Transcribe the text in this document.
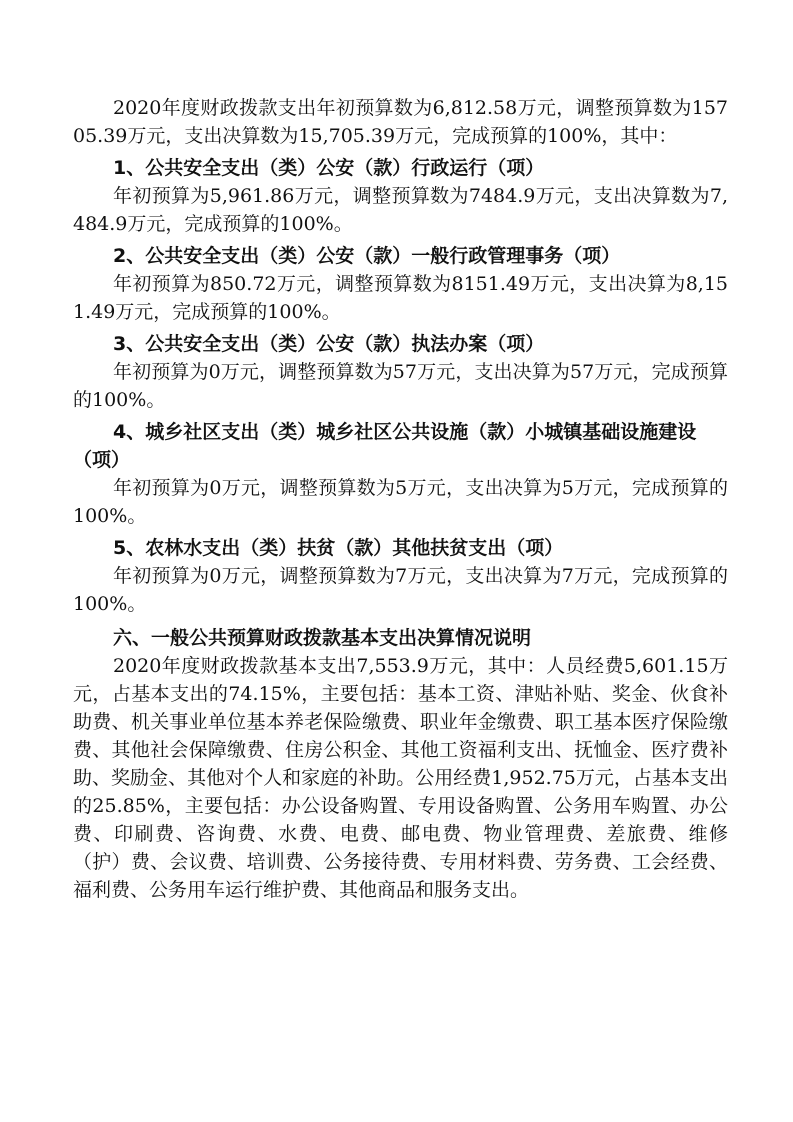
2020年度财政拨款支出年初预算数为6,812.58万元，调整预算数为15705.39万元，支出决算数为15,705.39万元，完成预算的100%，其中：

1、公共安全支出（类）公安（款）行政运行（项）

年初预算为5,961.86万元，调整预算数为7484.9万元，支出决算数为7,484.9万元，完成预算的100%。

2、公共安全支出（类）公安（款）一般行政管理事务（项）

年初预算为850.72万元，调整预算数为8151.49万元，支出决算为8,151.49万元，完成预算的100%。

3、公共安全支出（类）公安（款）执法办案（项）

年初预算为0万元，调整预算数为57万元，支出决算为57万元，完成预算的100%。

4、城乡社区支出（类）城乡社区公共设施（款）小城镇基础设施建设（项）

年初预算为0万元，调整预算数为5万元，支出决算为5万元，完成预算的100%。

5、农林水支出（类）扶贫（款）其他扶贫支出（项）

年初预算为0万元，调整预算数为7万元，支出决算为7万元，完成预算的100%。

六、一般公共预算财政拨款基本支出决算情况说明

2020年度财政拨款基本支出7,553.9万元，其中：人员经费5,601.15万元，占基本支出的74.15%，主要包括：基本工资、津贴补贴、奖金、伙食补助费、机关事业单位基本养老保险缴费、职业年金缴费、职工基本医疗保险缴费、其他社会保障缴费、住房公积金、其他工资福利支出、抚恤金、医疗费补助、奖励金、其他对个人和家庭的补助。公用经费1,952.75万元，占基本支出的25.85%，主要包括：办公设备购置、专用设备购置、公务用车购置、办公费、印刷费、咨询费、水费、电费、邮电费、物业管理费、差旅费、维修（护）费、会议费、培训费、公务接待费、专用材料费、劳务费、工会经费、福利费、公务用车运行维护费、其他商品和服务支出。
